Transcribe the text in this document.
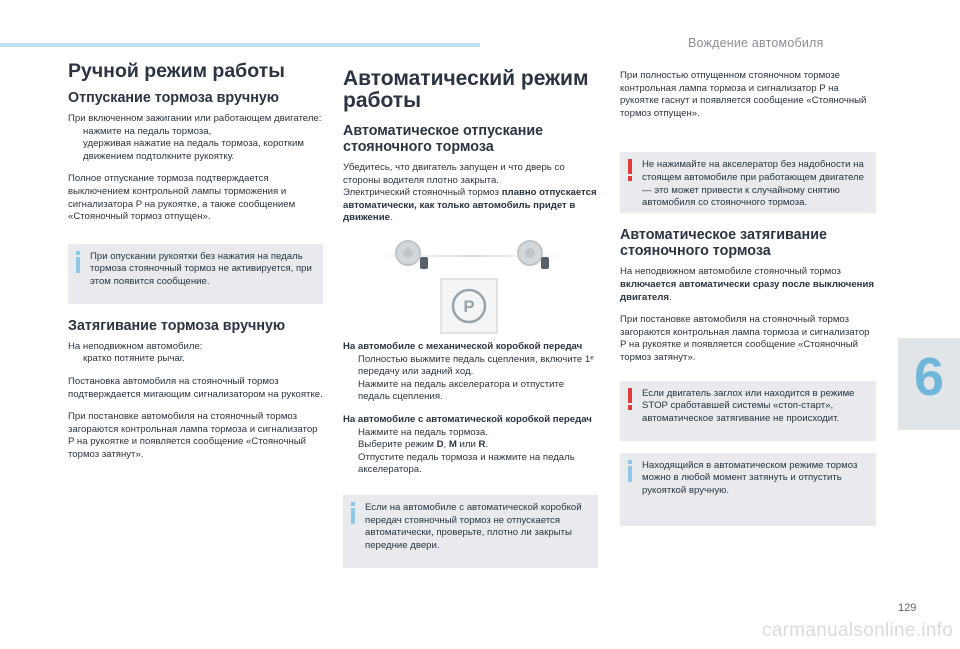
Вождение автомобиля
Ручной режим работы
Отпускание тормоза вручную

При включенном зажигании или работающем двигателе:

нажмите на педаль тормоза,
удерживая нажатие на педаль тормоза, коротким движением подтолкните рукоятку.

Полное отпускание тормоза подтверждается выключением контрольной лампы торможения и сигнализатора P на рукоятке, а также сообщением «Стояночный тормоз отпущен».

При опускании рукоятки без нажатия на педаль тормоза стояночный тормоз не активируется, при этом появится сообщение.
Затягивание тормоза вручную

На неподвижном автомобиле:

кратко потяните рычаг.

Постановка автомобиля на стояночный тормоз подтверждается мигающим сигнализатором на рукоятке.

При постановке автомобиля на стояночный тормоз загораются контрольная лампа тормоза и сигнализатор P на рукоятке и появляется сообщение «Стояночный тормоз затянут».

Автоматический режим работы
Автоматическое отпускание стояночного тормоза

Убедитесь, что двигатель запущен и что дверь со стороны водителя плотно закрыта.

Электрический стояночный тормоз плавно отпускается автоматически, как только автомобиль придет в движение.

P

На автомобиле с механической коробкой передач

Полностью выжмите педаль сцепления, включите 1ᵉ передачу или задний ход.
Нажмите на педаль акселератора и отпустите педаль сцепления.

На автомобиле с автоматической коробкой передач

Нажмите на педаль тормоза.
Выберите режим D, M или R.
Отпустите педаль тормоза и нажмите на педаль акселератора.
Если на автомобиле с автоматической коробкой передач стояночный тормоз не отпускается автоматически, проверьте, плотно ли закрыты передние двери.

При полностью отпущенном стояночном тормозе контрольная лампа тормоза и сигнализатор P на рукоятке гаснут и появляется сообщение «Стояночный тормоз отпущен».

Не нажимайте на акселератор без надобности на стоящем автомобиле при работающем двигателе — это может привести к случайному снятию автомобиля со стояночного тормоза.
Автоматическое затягивание стояночного тормоза

На неподвижном автомобиле стояночный тормоз включается автоматически сразу после выключения двигателя.

При постановке автомобиля на стояночный тормоз загораются контрольная лампа тормоза и сигнализатор P на рукоятке и появляется сообщение «Стояночный тормоз затянут».

Если двигатель заглох или находится в режиме STOP сработавшей системы «стоп-старт», автоматическое затягивание не происходит.
Находящийся в автоматическом режиме тормоз можно в любой момент затянуть и отпустить рукояткой вручную.
6
129
carmanualsonline.info
